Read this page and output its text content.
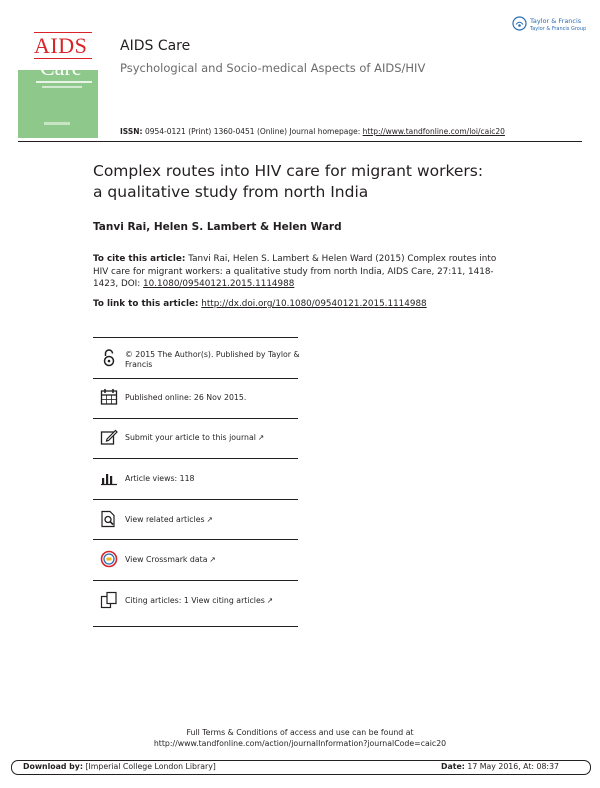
AIDS
Care
AIDS Care
Psychological and Socio-medical Aspects of AIDS/HIV
ISSN: 0954-0121 (Print) 1360-0451 (Online) Journal homepage: http://www.tandfonline.com/loi/caic20
Taylor & Francis
Taylor & Francis Group
Complex routes into HIV care for migrant workers:
a qualitative study from north India
Tanvi Rai, Helen S. Lambert & Helen Ward
To cite this article: Tanvi Rai, Helen S. Lambert & Helen Ward (2015) Complex routes into HIV care for migrant workers: a qualitative study from north India, AIDS Care, 27:11, 1418-1423, DOI: 10.1080/09540121.2015.1114988
To link to this article: http://dx.doi.org/10.1080/09540121.2015.1114988
© 2015 The Author(s). Published by Taylor & Francis
Published online: 26 Nov 2015.
Submit your article to this journal ↗
Article views: 118
View related articles ↗
View Crossmark data ↗
Citing articles: 1 View citing articles ↗
Full Terms & Conditions of access and use can be found at
http://www.tandfonline.com/action/journalInformation?journalCode=caic20
Download by: [Imperial College London Library]	Date: 17 May 2016, At: 08:37
